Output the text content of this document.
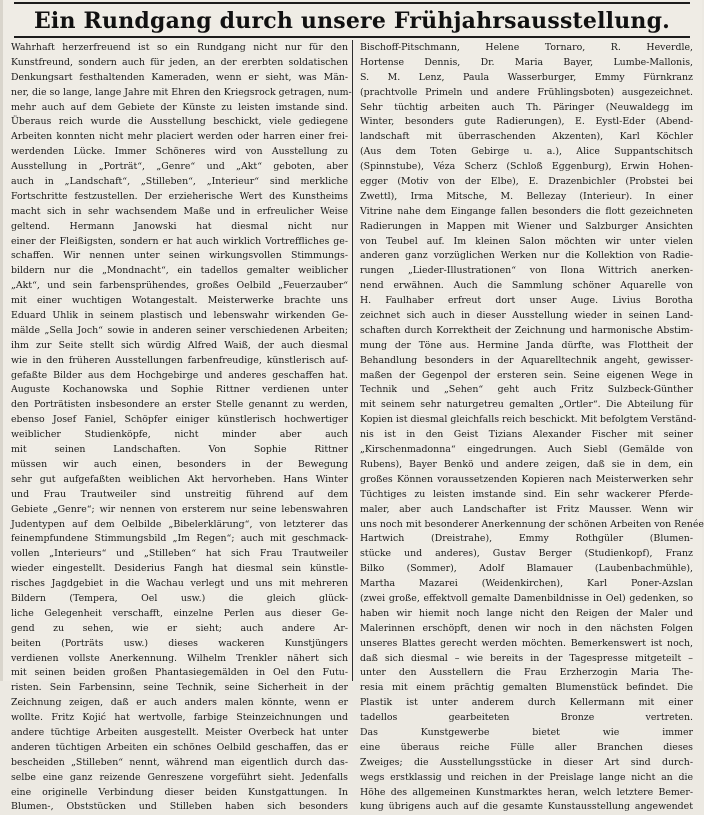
Ein Rundgang durch unsere Frühjahrsausstellung.
Wahrhaft herzerfreuend ist so ein Rundgang nicht nur für den
Kunstfreund, sondern auch für jeden, an der ererbten soldatischen
Denkungsart festhaltenden Kameraden, wenn er sieht, was Män-
ner, die so lange, lange Jahre mit Ehren den Kriegsrock getragen, num-
mehr auch auf dem Gebiete der Künste zu leisten imstande sind.
Überaus reich wurde die Ausstellung beschickt, viele gediegene
Arbeiten konnten nicht mehr placiert werden oder harren einer frei-
werdenden Lücke. Immer Schöneres wird von Ausstellung zu
Ausstellung in „Porträt“, „Genre“ und „Akt“ geboten, aber
auch in „Landschaft“, „Stilleben“, „Interieur“ sind merkliche
Fortschritte festzustellen. Der erzieherische Wert des Kunstheims
macht sich in sehr wachsendem Maße und in erfreulicher Weise
geltend. Hermann Janowski hat diesmal nicht nur
einer der Fleißigsten, sondern er hat auch wirklich Vortreffliches ge-
schaffen. Wir nennen unter seinen wirkungsvollen Stimmungs-
bildern nur die „Mondnacht“, ein tadellos gemalter weiblicher
„Akt“, und sein farbensprühendes, großes Oelbild „Feuerzauber“
mit einer wuchtigen Wotangestalt. Meisterwerke brachte uns
Eduard Uhlik in seinem plastisch und lebenswahr wirkenden Ge-
mälde „Sella Joch“ sowie in anderen seiner verschiedenen Arbeiten;
ihm zur Seite stellt sich würdig Alfred Waiß, der auch diesmal
wie in den früheren Ausstellungen farbenfreudige, künstlerisch auf-
gefaßte Bilder aus dem Hochgebirge und anderes geschaffen hat.
Auguste Kochanowska und Sophie Rittner verdienen unter
den Porträtisten insbesondere an erster Stelle genannt zu werden,
ebenso Josef Faniel, Schöpfer einiger künstlerisch hochwertiger
weiblicher Studienköpfe, nicht minder aber auch
mit seinen Landschaften. Von Sophie Rittner
müssen wir auch einen, besonders in der Bewegung
sehr gut aufgefaßten weiblichen Akt hervorheben. Hans Winter
und Frau Trautweiler sind unstreitig führend auf dem
Gebiete „Genre“; wir nennen von ersterem nur seine lebenswahren
Judentypen auf dem Oelbilde „Bibelerklärung“, von letzterer das
feinempfundene Stimmungsbild „Im Regen“; auch mit geschmack-
vollen „Interieurs“ und „Stilleben“ hat sich Frau Trautweiler
wieder eingestellt. Desiderius Fangh hat diesmal sein künstle-
risches Jagdgebiet in die Wachau verlegt und uns mit mehreren
Bildern (Tempera, Oel usw.) die gleich glück-
liche Gelegenheit verschafft, einzelne Perlen aus dieser Ge-
gend zu sehen, wie er sieht; auch andere Ar-
beiten (Porträts usw.) dieses wackeren Kunstjüngers
verdienen vollste Anerkennung. Wilhelm Trenkler nähert sich
mit seinen beiden großen Phantasiegemälden in Oel den Futu-
risten. Sein Farbensinn, seine Technik, seine Sicherheit in der
Zeichnung zeigen, daß er auch anders malen könnte, wenn er
wollte. Fritz Kojić hat wertvolle, farbige Steinzeichnungen und
andere tüchtige Arbeiten ausgestellt. Meister Overbeck hat unter
anderen tüchtigen Arbeiten ein schönes Oelbild geschaffen, das er
bescheiden „Stilleben“ nennt, während man eigentlich durch das-
selbe eine ganz reizende Genreszene vorgeführt sieht. Jedenfalls
eine originelle Verbindung dieser beiden Kunstgattungen. In
Blumen-, Obststücken und Stilleben haben sich besonders
Bischoff-Pitschmann, Helene Tornaro, R. Heverdle,
Hortense Dennis, Dr. Maria Bayer, Lumbe-Mallonis,
S. M. Lenz, Paula Wasserburger, Emmy Fürnkranz
(prachtvolle Primeln und andere Frühlingsboten) ausgezeichnet.
Sehr tüchtig arbeiten auch Th. Päringer (Neuwaldegg im
Winter, besonders gute Radierungen), E. Eystl-Eder (Abend-
landschaft mit überraschenden Akzenten), Karl Köchler
(Aus dem Toten Gebirge u. a.), Alice Suppantschitsch
(Spinnstube), Véza Scherz (Schloß Eggenburg), Erwin Hohen-
egger (Motiv von der Elbe), E. Drazenbichler (Probstei bei
Zwettl), Irma Mitsche, M. Bellezay (Interieur). In einer
Vitrine nahe dem Eingange fallen besonders die flott gezeichneten
Radierungen in Mappen mit Wiener und Salzburger Ansichten
von Teubel auf. Im kleinen Salon möchten wir unter vielen
anderen ganz vorzüglichen Werken nur die Kollektion von Radie-
rungen „Lieder-Illustrationen“ von Ilona Wittrich anerken-
nend erwähnen. Auch die Sammlung schöner Aquarelle von
H. Faulhaber erfreut dort unser Auge. Livius Borotha
zeichnet sich auch in dieser Ausstellung wieder in seinen Land-
schaften durch Korrektheit der Zeichnung und harmonische Abstim-
mung der Töne aus. Hermine Janda dürfte, was Flottheit der
Behandlung besonders in der Aquarelltechnik angeht, gewisser-
maßen der Gegenpol der ersteren sein. Seine eigenen Wege in
Technik und „Sehen“ geht auch Fritz Sulzbeck-Günther
mit seinem sehr naturgetreu gemalten „Ortler“. Die Abteilung für
Kopien ist diesmal gleichfalls reich beschickt. Mit befolgtem Verständ-
nis ist in den Geist Tizians Alexander Fischer mit seiner
„Kirschenmadonna“ eingedrungen. Auch Siebl (Gemälde von
Rubens), Bayer Benkö und andere zeigen, daß sie in dem, ein
großes Können voraussetzenden Kopieren nach Meisterwerken sehr
Tüchtiges zu leisten imstande sind. Ein sehr wackerer Pferde-
maler, aber auch Landschafter ist Fritz Mausser. Wenn wir
uns noch mit besonderer Anerkennung der schönen Arbeiten von Renée
Hartwich (Dreistrahe), Emmy Rothgüler (Blumen-
stücke und anderes), Gustav Berger (Studienkopf), Franz
Bilko (Sommer), Adolf Blamauer (Laubenbachmühle),
Martha Mazarei (Weidenkirchen), Karl Poner-Azslan
(zwei große, effektvoll gemalte Damenbildnisse in Oel) gedenken, so
haben wir hiemit noch lange nicht den Reigen der Maler und
Malerinnen erschöpft, denen wir noch in den nächsten Folgen
unseres Blattes gerecht werden möchten. Bemerkenswert ist noch,
daß sich diesmal – wie bereits in der Tagespresse mitgeteilt –
unter den Ausstellern die Frau Erzherzogin Maria The-
resia mit einem prächtig gemalten Blumenstück befindet. Die
Plastik ist unter anderem durch Kellermann mit einer
tadellos gearbeiteten Bronze vertreten.
Das Kunstgewerbe bietet wie immer
eine überaus reiche Fülle aller Branchen dieses
Zweiges; die Ausstellungsstücke in dieser Art sind durch-
wegs erstklassig und reichen in der Preislage lange nicht an die
Höhe des allgemeinen Kunstmarktes heran, welch letztere Bemer-
kung übrigens auch auf die gesamte Kunstausstellung angewendet
